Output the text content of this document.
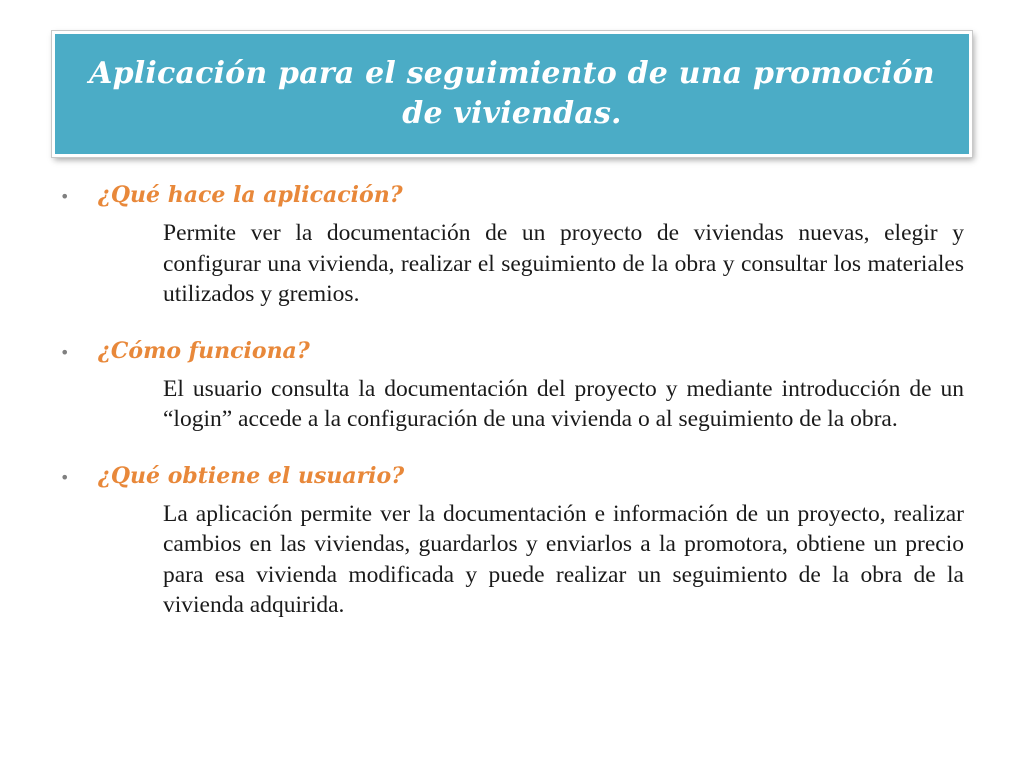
Aplicación para el seguimiento de una promoción de viviendas.
•	¿Qué hace la aplicación?
Permite ver la documentación de un proyecto de viviendas nuevas, elegir y configurar una vivienda, realizar el seguimiento de la obra y consultar los materiales utilizados y gremios.
•	¿Cómo funciona?
El usuario consulta la documentación del proyecto y mediante introducción de un “login” accede a la configuración de una vivienda o al seguimiento de la obra.
•	¿Qué obtiene el usuario?
La aplicación permite ver la documentación e información de un proyecto, realizar cambios en las viviendas, guardarlos y enviarlos a la promotora, obtiene un precio para esa vivienda modificada y puede realizar un seguimiento de la obra de la vivienda adquirida.
